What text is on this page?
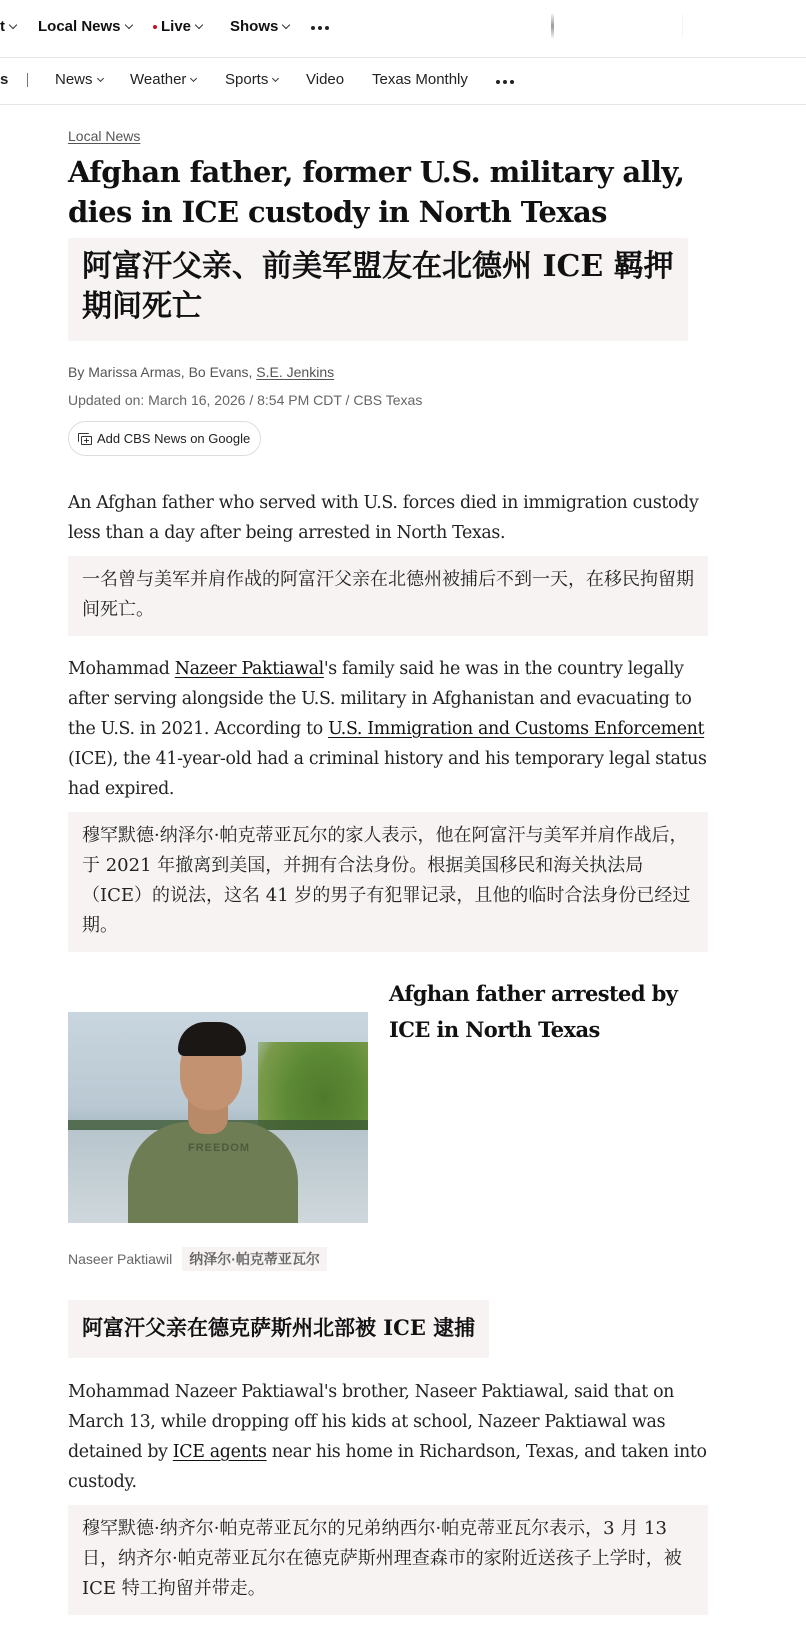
t Local News	Live	Shows
s	News Weather	Sports	Video Texas Monthly
Local News
Afghan father, former U.S. military ally, dies in ICE custody in North Texas
阿富汗父亲、前美军盟友在北德州 ICE 羁押期间死亡
By Marissa Armas, Bo Evans, S.E. Jenkins
Updated on: March 16, 2026 / 8:54 PM CDT / CBS Texas
Add CBS News on Google

An Afghan father who served with U.S. forces died in immigration custody less than a day after being arrested in North Texas.

一名曾与美军并肩作战的阿富汗父亲在北德州被捕后不到一天，在移民拘留期间死亡。

Mohammad Nazeer Paktiawal's family said he was in the country legally after serving alongside the U.S. military in Afghanistan and evacuating to the U.S. in 2021. According to U.S. Immigration and Customs Enforcement (ICE), the 41-year-old had a criminal history and his temporary legal status had expired.

穆罕默德·纳泽尔·帕克蒂亚瓦尔的家人表示，他在阿富汗与美军并肩作战后，于 2021 年撤离到美国，并拥有合法身份。根据美国移民和海关执法局（ICE）的说法，这名 41 岁的男子有犯罪记录，且他的临时合法身份已经过期。
FREEDOM
Afghan father arrested by ICE in North Texas
Naseer Paktiawil	纳泽尔·帕克蒂亚瓦尔
阿富汗父亲在德克萨斯州北部被 ICE 逮捕

Mohammad Nazeer Paktiawal's brother, Naseer Paktiawal, said that on March 13, while dropping off his kids at school, Nazeer Paktiawal was detained by ICE agents near his home in Richardson, Texas, and taken into custody.

穆罕默德·纳齐尔·帕克蒂亚瓦尔的兄弟纳西尔·帕克蒂亚瓦尔表示，3 月 13 日，纳齐尔·帕克蒂亚瓦尔在德克萨斯州理查森市的家附近送孩子上学时，被 ICE 特工拘留并带走。
